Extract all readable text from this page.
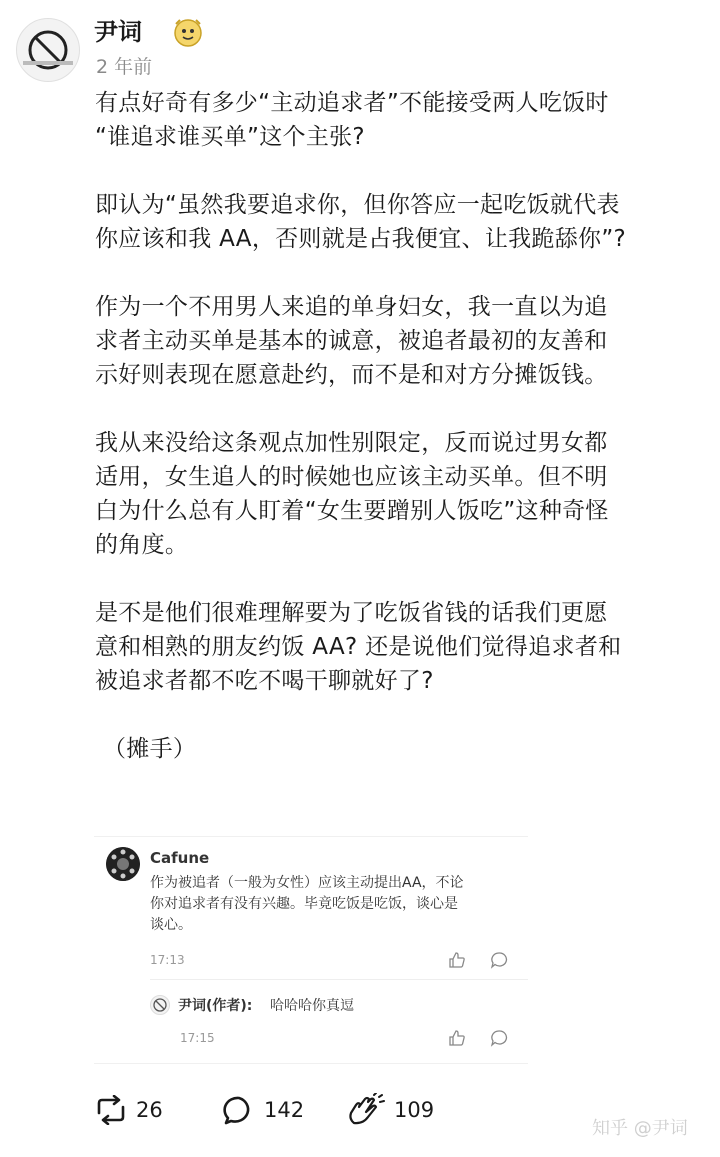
尹词
2 年前

有点好奇有多少“主动追求者”不能接受两人吃饭时
“谁追求谁买单”这个主张?

即认为“虽然我要追求你，但你答应一起吃饭就代表
你应该和我 AA，否则就是占我便宜、让我跪舔你”?

作为一个不用男人来追的单身妇女，我一直以为追
求者主动买单是基本的诚意，被追者最初的友善和
示好则表现在愿意赴约，而不是和对方分摊饭钱。

我从来没给这条观点加性别限定，反而说过男女都
适用，女生追人的时候她也应该主动买单。但不明
白为什么总有人盯着“女生要蹭别人饭吃”这种奇怪
的角度。

是不是他们很难理解要为了吃饭省钱的话我们更愿
意和相熟的朋友约饭 AA? 还是说他们觉得追求者和
被追求者都不吃不喝干聊就好了?

（摊手）

Cafune
作为被追者（一般为女性）应该主动提出AA，不论
你对追求者有没有兴趣。毕竟吃饭是吃饭，谈心是
谈心。
17:13
尹词(作者): 哈哈哈你真逗
17:15
26	142	109
知乎 @尹词
